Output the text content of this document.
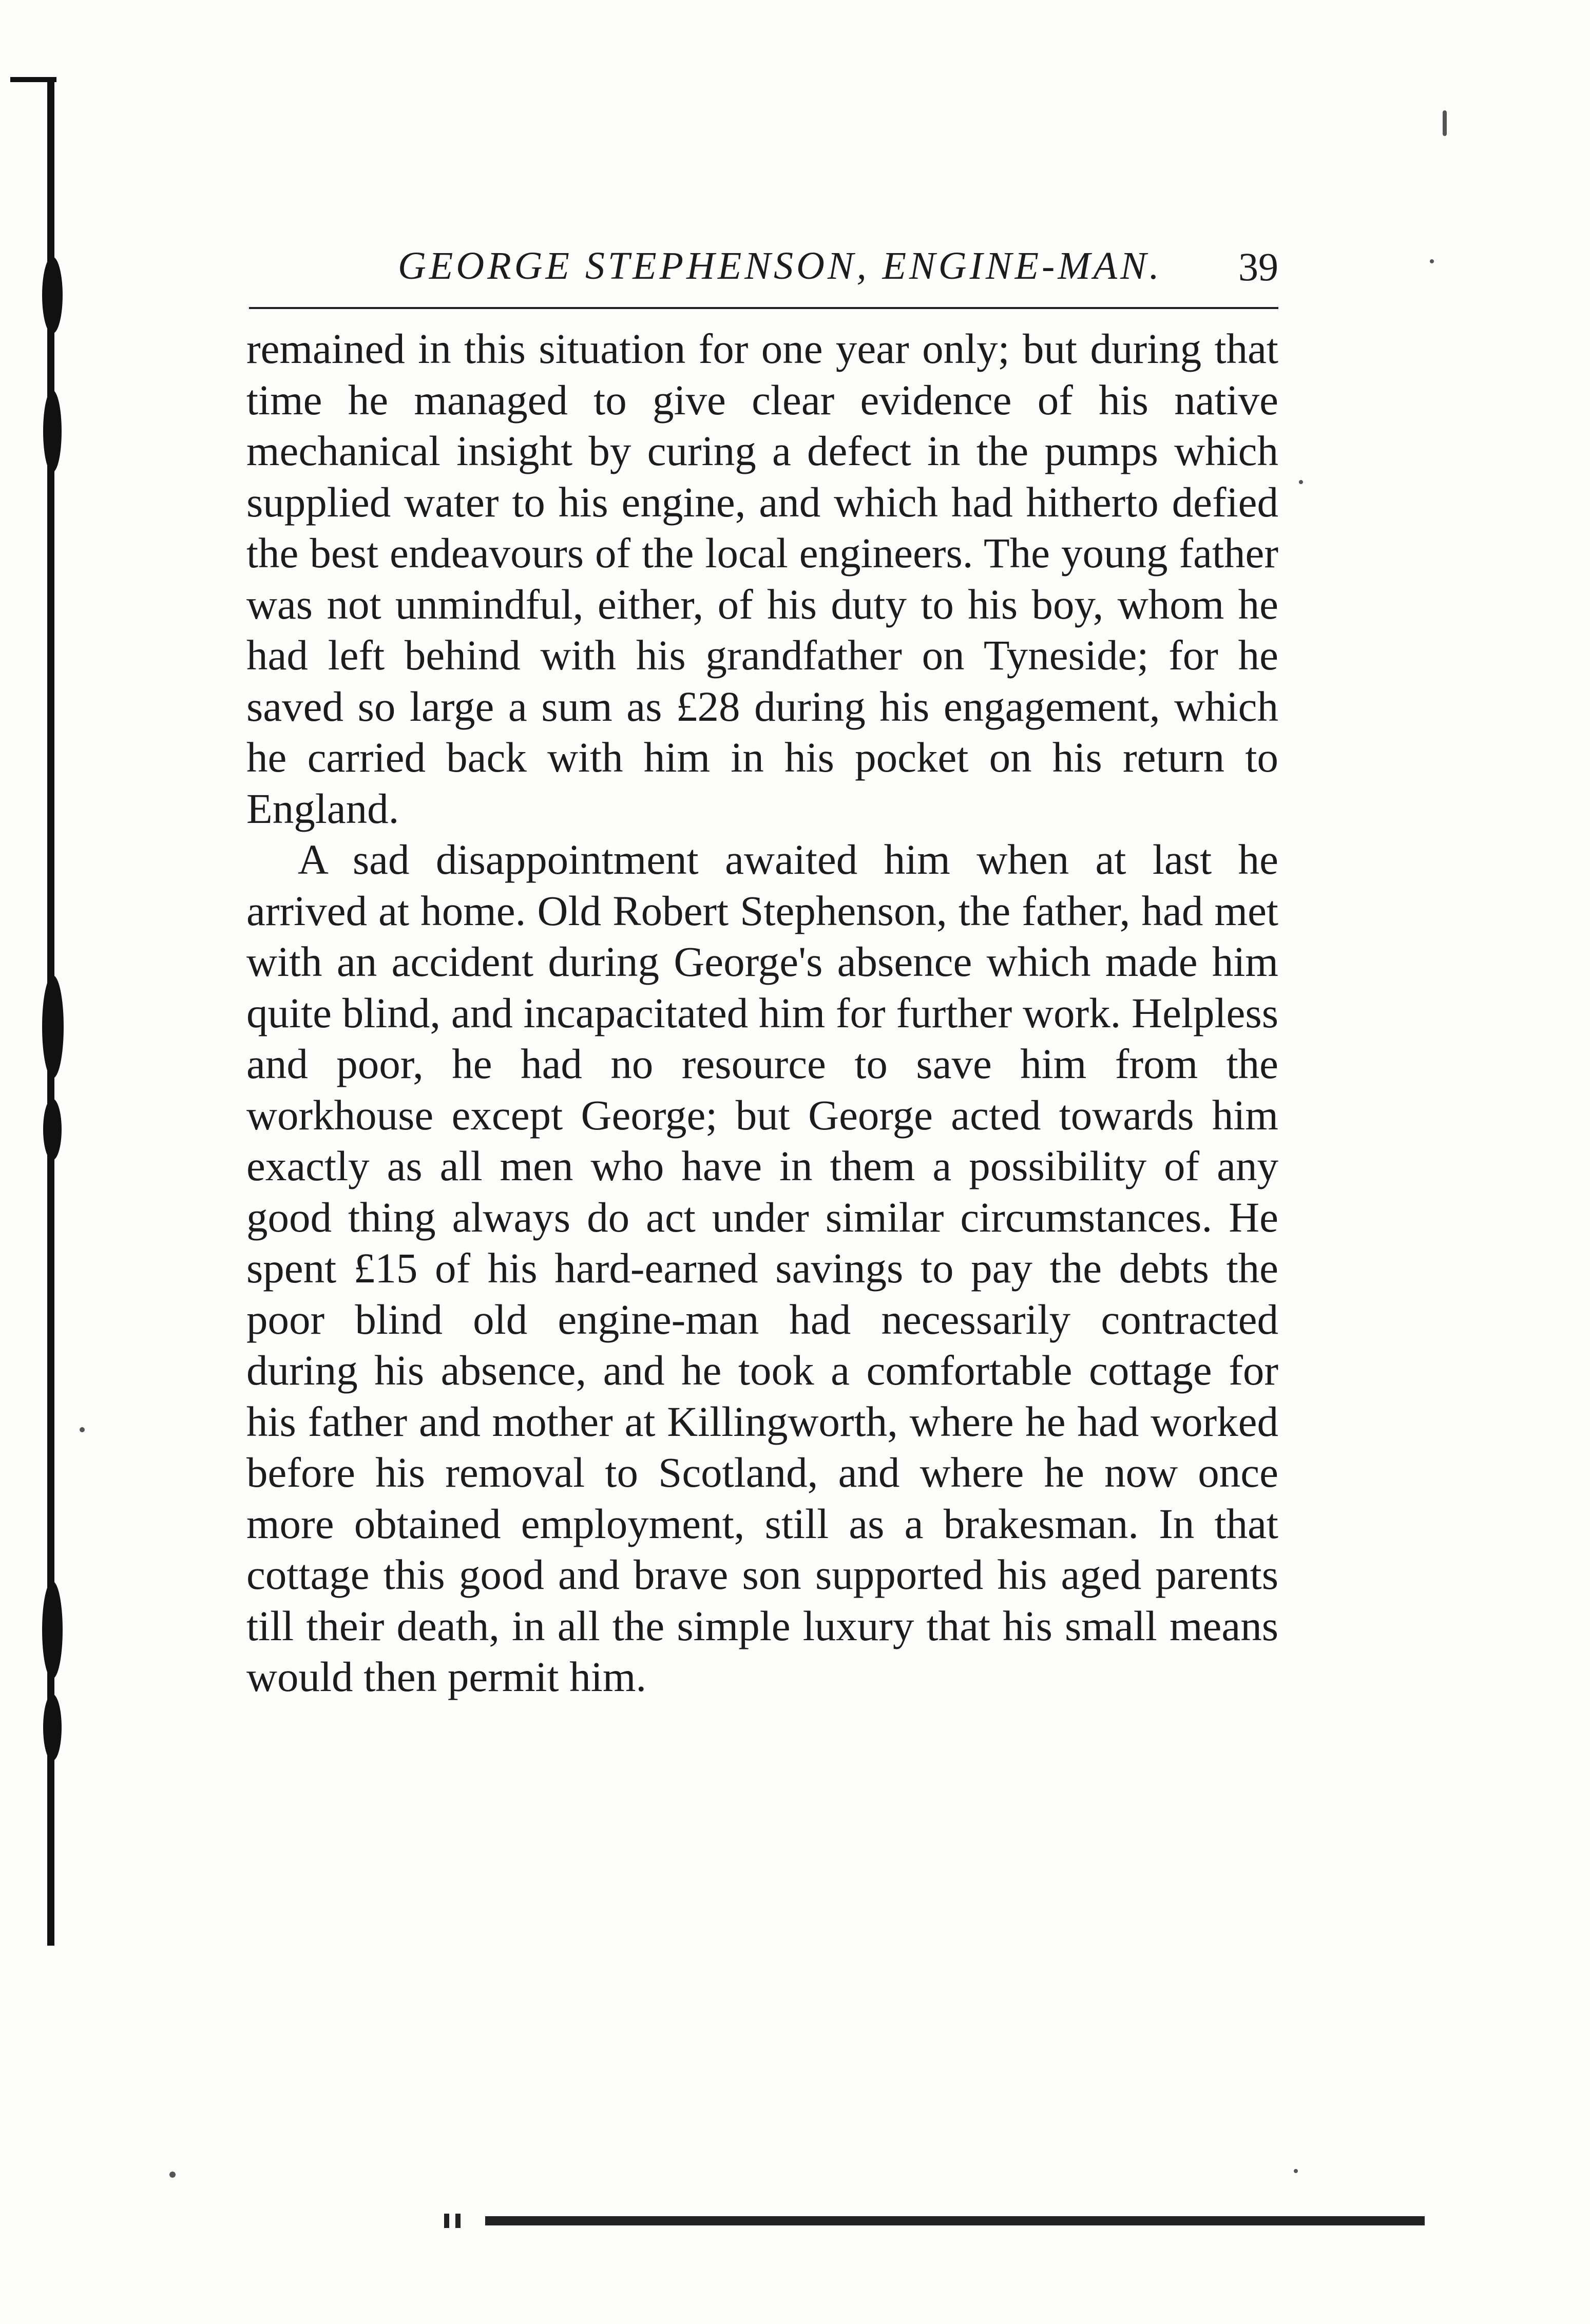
GEORGE STEPHENSON, ENGINE-MAN. 39

remained in this situation for one year only; but during that time he managed to give clear evidence of his native mechanical insight by curing a defect in the pumps which supplied water to his engine, and which had hitherto defied the best endeavours of the local engineers. The young father was not unmindful, either, of his duty to his boy, whom he had left behind with his grandfather on Tyneside; for he saved so large a sum as £28 during his engagement, which he carried back with him in his pocket on his return to England.

A sad disappointment awaited him when at last he arrived at home. Old Robert Stephenson, the father, had met with an accident during George's absence which made him quite blind, and incapacitated him for further work. Helpless and poor, he had no resource to save him from the workhouse except George; but George acted towards him exactly as all men who have in them a possibility of any good thing always do act under similar circumstances. He spent £15 of his hard-earned savings to pay the debts the poor blind old engine-man had necessarily contracted during his absence, and he took a comfortable cottage for his father and mother at Killingworth, where he had worked before his removal to Scotland, and where he now once more obtained employment, still as a brakesman. In that cottage this good and brave son supported his aged parents till their death, in all the simple luxury that his small means would then permit him.
